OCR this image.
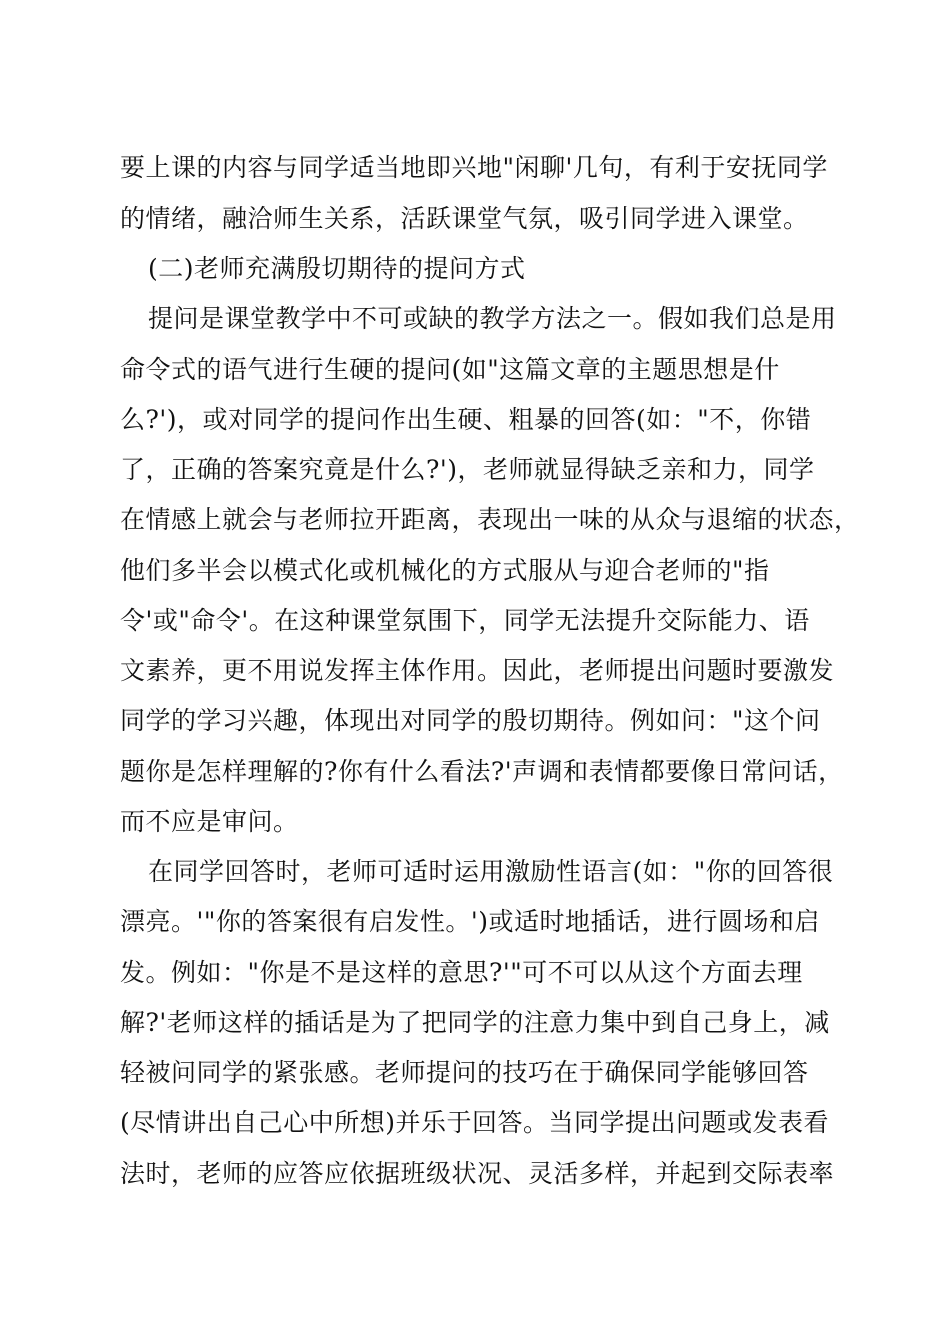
要上课的内容与同学适当地即兴地"闲聊'几句，有利于安抚同学
的情绪，融洽师生关系，活跃课堂气氛，吸引同学进入课堂。
(二)老师充满殷切期待的提问方式
提问是课堂教学中不可或缺的教学方法之一。假如我们总是用
命令式的语气进行生硬的提问(如"这篇文章的主题思想是什
么?')，或对同学的提问作出生硬、粗暴的回答(如："不，你错
了，正确的答案究竟是什么?')，老师就显得缺乏亲和力，同学
在情感上就会与老师拉开距离，表现出一味的从众与退缩的状态，
他们多半会以模式化或机械化的方式服从与迎合老师的"指
令'或"命令'。在这种课堂氛围下，同学无法提升交际能力、语
文素养，更不用说发挥主体作用。因此，老师提出问题时要激发
同学的学习兴趣，体现出对同学的殷切期待。例如问："这个问
题你是怎样理解的?你有什么看法?'声调和表情都要像日常问话，
而不应是审问。
在同学回答时，老师可适时运用激励性语言(如："你的回答很
漂亮。'"你的答案很有启发性。')或适时地插话，进行圆场和启
发。例如："你是不是这样的意思?'"可不可以从这个方面去理
解?'老师这样的插话是为了把同学的注意力集中到自己身上，减
轻被问同学的紧张感。老师提问的技巧在于确保同学能够回答
(尽情讲出自己心中所想)并乐于回答。当同学提出问题或发表看
法时，老师的应答应依据班级状况、灵活多样，并起到交际表率
